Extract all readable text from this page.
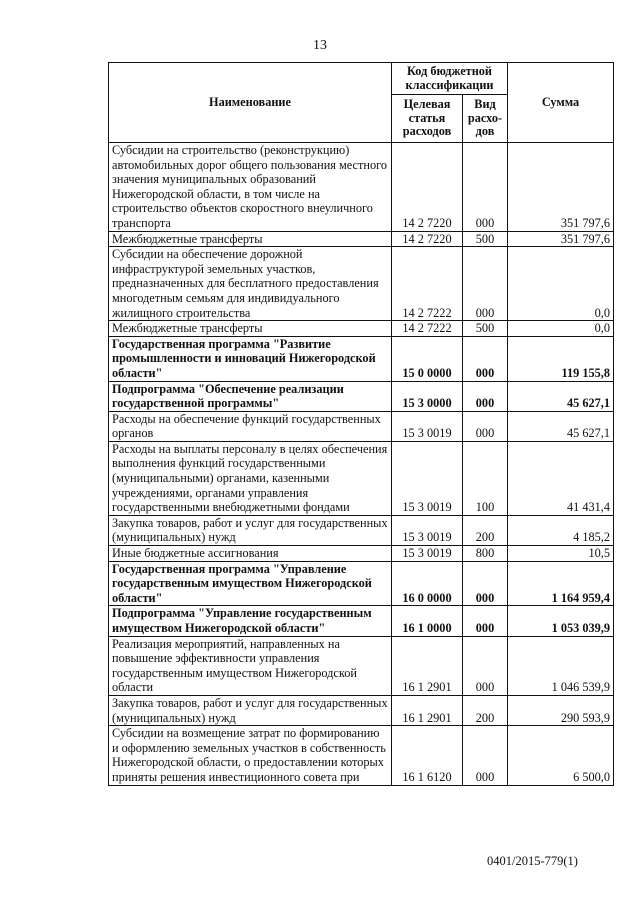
13
Наименование	Код бюджетной классификации		Сумма
	Целевая статья расходов	Вид расхо-дов	
Субсидии на строительство (реконструкцию) автомобильных дорог общего пользования местного значения муниципальных образований Нижегородской области, в том числе на строительство объектов скоростного внеуличного транспорта	14 2 7220	000	351 797,6
Межбюджетные трансферты	14 2 7220	500	351 797,6
Субсидии на обеспечение дорожной инфраструктурой земельных участков, предназначенных для бесплатного предоставления многодетным семьям для индивидуального жилищного строительства	14 2 7222	000	0,0
Межбюджетные трансферты	14 2 7222	500	0,0
Государственная программа "Развитие промышленности и инноваций Нижегородской области"	15 0 0000	000	119 155,8
Подпрограмма "Обеспечение реализации государственной программы"	15 3 0000	000	45 627,1
Расходы на обеспечение функций государственных органов	15 3 0019	000	45 627,1
Расходы на выплаты персоналу в целях обеспечения выполнения функций государственными (муниципальными) органами, казенными учреждениями, органами управления государственными внебюджетными фондами	15 3 0019	100	41 431,4
Закупка товаров, работ и услуг для государственных (муниципальных) нужд	15 3 0019	200	4 185,2
Иные бюджетные ассигнования	15 3 0019	800	10,5
Государственная программа "Управление государственным имуществом Нижегородской области"	16 0 0000	000	1 164 959,4
Подпрограмма "Управление государственным имуществом Нижегородской области"	16 1 0000	000	1 053 039,9
Реализация мероприятий, направленных на повышение эффективности управления государственным имуществом Нижегородской области	16 1 2901	000	1 046 539,9
Закупка товаров, работ и услуг для государственных (муниципальных) нужд	16 1 2901	200	290 593,9
Субсидии на возмещение затрат по формированию и оформлению земельных участков в собственность Нижегородской области, о предоставлении которых приняты решения инвестиционного совета при	16 1 6120	000	6 500,0
0401/2015-779(1)
